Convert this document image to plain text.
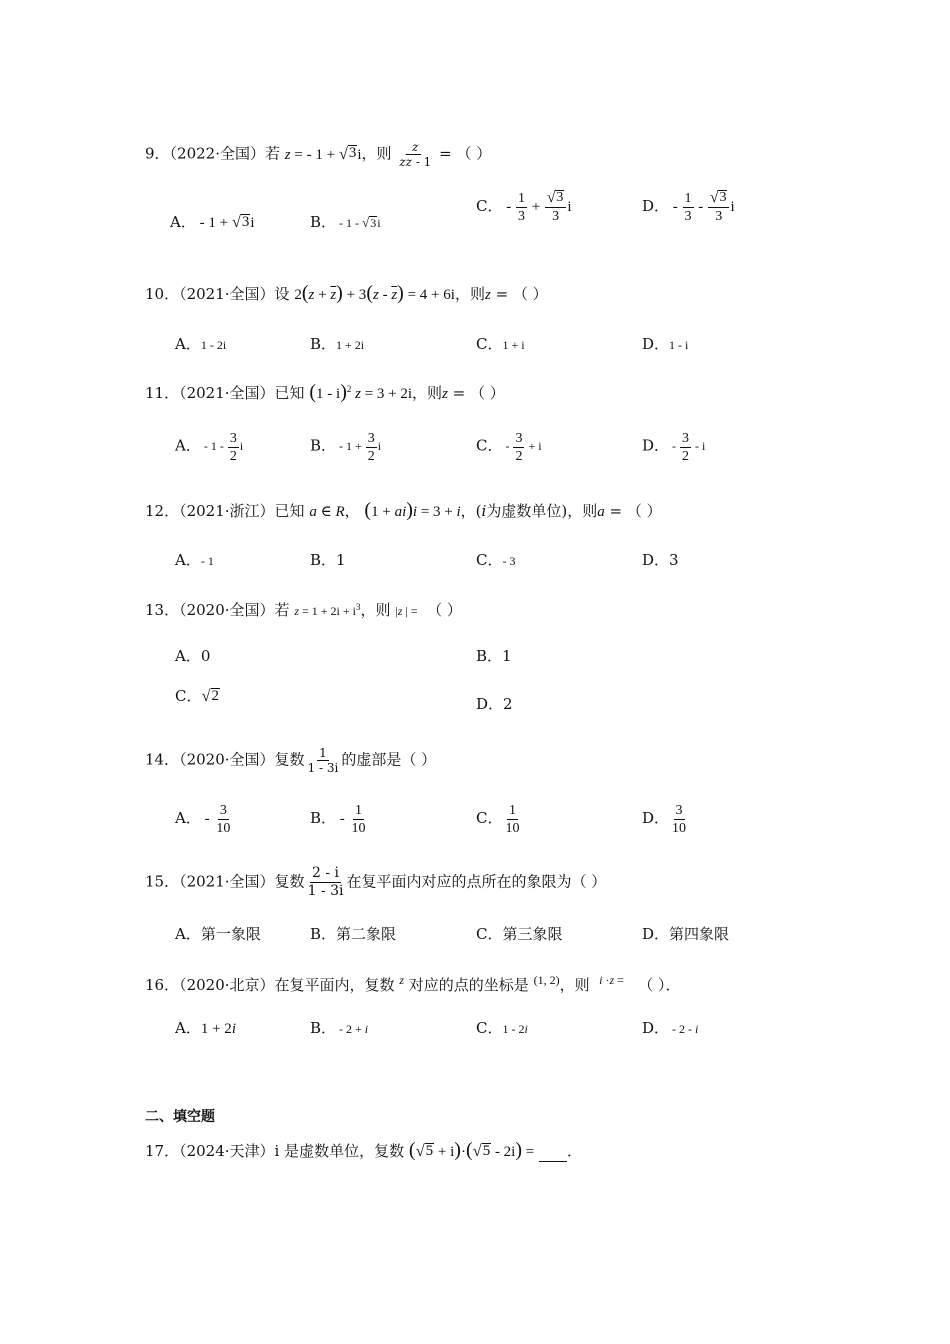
9．（2022·全国）若 z = - 1 + √ 3 i，则 $\frac{z}{z\overline{z} - 1}$ = （ ）
A． - 1 + √ 3 i	B． - 1 - √ 3 i
C． - $\frac{1}{3} + \frac{√ 3}{3}$ i	D． - $\frac{1}{3} - \frac{√ 3}{3}$ i
10．（2021·全国）设 $2(z + \overline{z}) + 3(z - \overline{z}) = 4 + 6i$，则z = （ ）
A．1 - 2i	B．1 + 2i	C．1 + i	D．1 - i
11．（2021·全国）已知 (1 - i)$^2$ z = 3 + 2i，则z = （ ）
A． - $1 - \frac{3}{2}$ i	B． - $1 + \frac{3}{2}$ i	C． - $\frac{3}{2} + i$	D． - $\frac{3}{2}$ - i
12．（2021·浙江）已知 a ∈ R， (1 + ai)i = 3 + i，(i为虚数单位)，则a = （ ）
A．- 1	B．1	C．- 3	D．3
13．（2020·全国）若 $z = 1 + 2i + i^3$，则 |z | = （ ）
A．0	B．1
C． √ 2	D．2
14．（2020·全国）复数 $\frac{1}{1 - 3i}$ 的虚部是（ ）
A． - $\frac{3}{10}$	B． - $\frac{1}{10}$	C． $\frac{1}{10}$	D． $\frac{3}{10}$
15．（2021·全国）复数 $\frac{2 - i}{1 - 3i}$ 在复平面内对应的点所在的象限为（ ）
A．第一象限	B．第二象限	C．第三象限	D．第四象限
16．（2020·北京）在复平面内，复数 $^z$ 对应的点的坐标是 $^{(1, 2)}$，则 $^{i \cdot z =}$ （ ）．
A．1 + 2i	B． - 2 + i	C．1 - 2i	D． - 2 - i
二、填空题
17．（2024·天津）i 是虚数单位，复数 ( √ 5 + i)·( √ 5 - 2i) = ．
